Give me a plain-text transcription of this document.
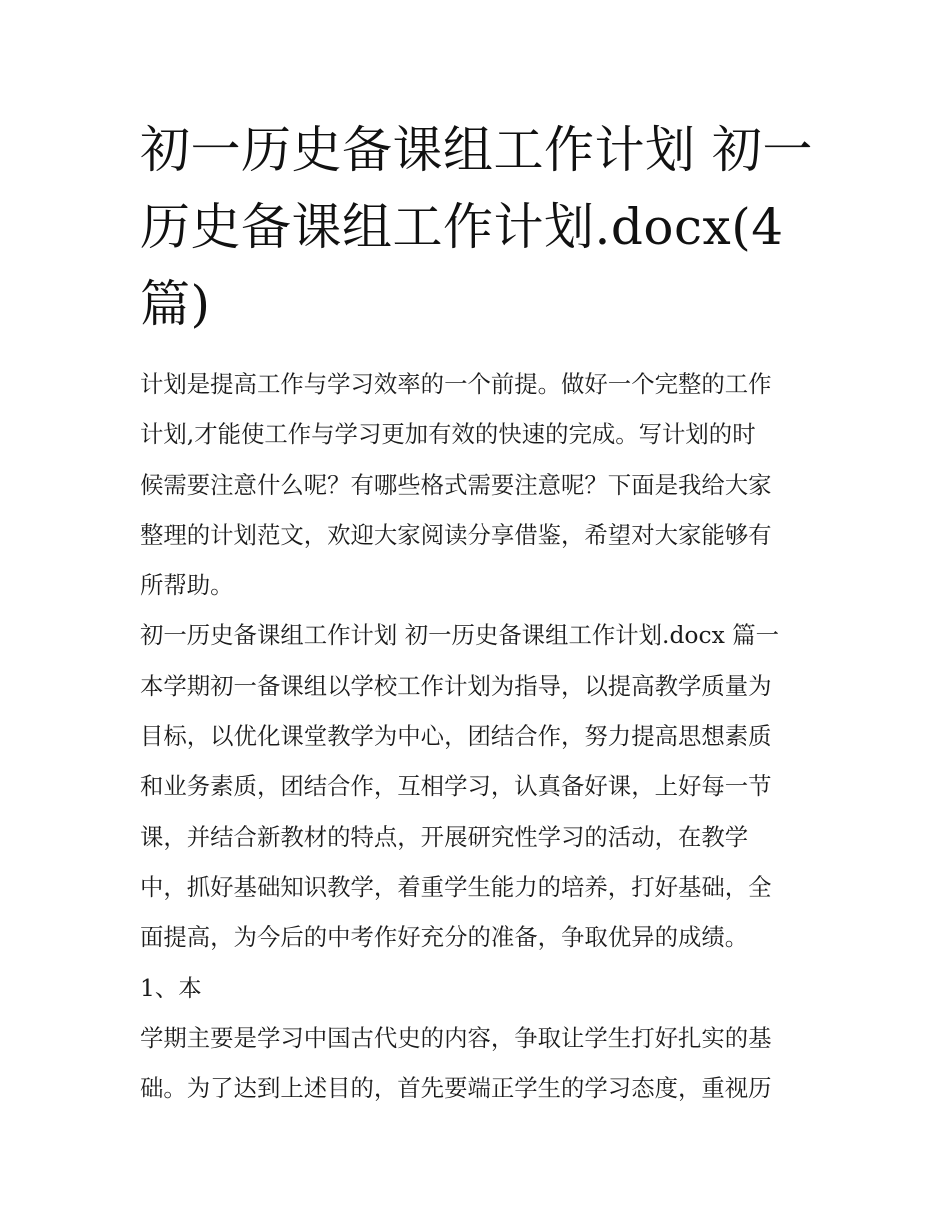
初一历史备课组工作计划 初一
历史备课组工作计划.docx(4
篇)

计划是提高工作与学习效率的一个前提。做好一个完整的工作
计划,才能使工作与学习更加有效的快速的完成。写计划的时
候需要注意什么呢？有哪些格式需要注意呢？下面是我给大家
整理的计划范文，欢迎大家阅读分享借鉴，希望对大家能够有
所帮助。

初一历史备课组工作计划 初一历史备课组工作计划.docx 篇一
本学期初一备课组以学校工作计划为指导，以提高教学质量为
目标，以优化课堂教学为中心，团结合作，努力提高思想素质
和业务素质，团结合作，互相学习，认真备好课，上好每一节
课，并结合新教材的特点，开展研究性学习的活动，在教学
中，抓好基础知识教学，着重学生能力的培养，打好基础，全
面提高，为今后的中考作好充分的准备，争取优异的成绩。

1、本

学期主要是学习中国古代史的内容，争取让学生打好扎实的基
础。为了达到上述目的，首先要端正学生的学习态度，重视历
